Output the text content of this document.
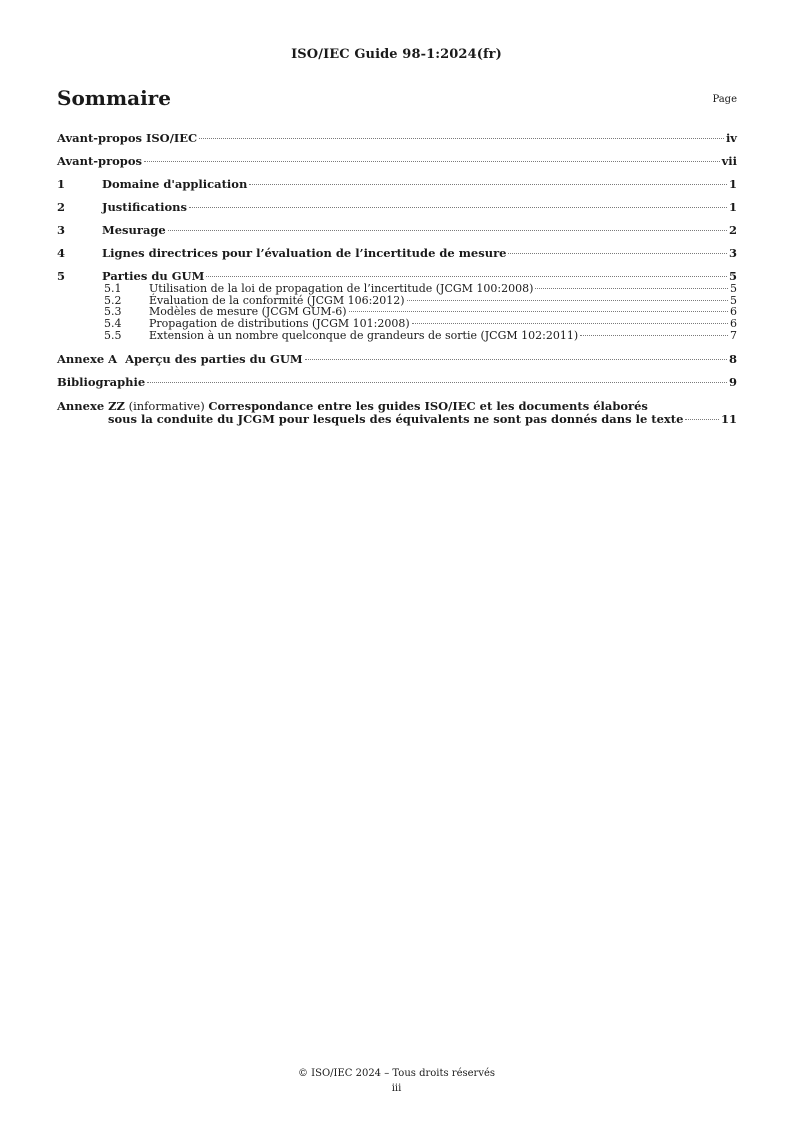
ISO/IEC Guide 98-1:2024(fr)
Sommaire	Page
Avant-propos ISO/IEC	iv
Avant-propos	vii
1	Domaine d'application	1
2	Justifications	1
3	Mesurage	2
4	Lignes directrices pour l’évaluation de l’incertitude de mesure	3
5	Parties du GUM	5
5.1	Utilisation de la loi de propagation de l’incertitude (JCGM 100:2008)	5
5.2	Évaluation de la conformité (JCGM 106:2012)	5
5.3	Modèles de mesure (JCGM GUM-6)	6
5.4	Propagation de distributions (JCGM 101:2008)	6
5.5	Extension à un nombre quelconque de grandeurs de sortie (JCGM 102:2011)	7
Annexe A  Aperçu des parties du GUM	8
Bibliographie	9
Annexe ZZ (informative) Correspondance entre les guides ISO/IEC et les documents élaborés
sous la conduite du JCGM pour lesquels des équivalents ne sont pas donnés dans le texte	11
© ISO/IEC 2024 – Tous droits réservés
iii
